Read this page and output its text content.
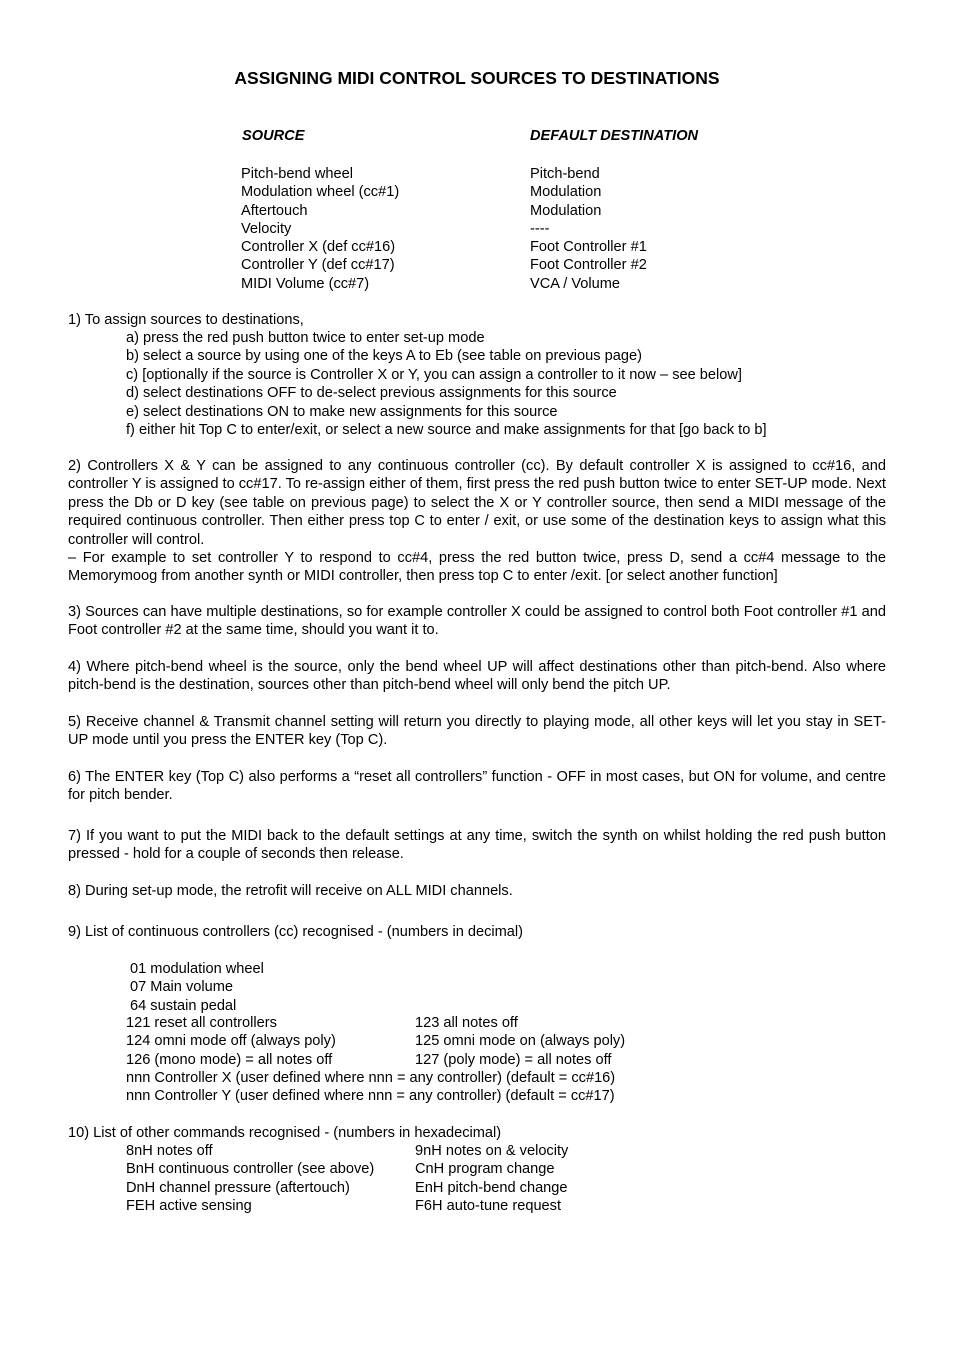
ASSIGNING MIDI CONTROL SOURCES TO DESTINATIONS
SOURCE	DEFAULT DESTINATION
Pitch-bend wheel
Modulation wheel (cc#1)
Aftertouch
Velocity
Controller X (def cc#16)
Controller Y (def cc#17)
MIDI Volume (cc#7)
Pitch-bend
Modulation
Modulation
----
Foot Controller #1
Foot Controller #2
VCA / Volume
1) To assign sources to destinations,
a) press the red push button twice to enter set-up mode
b) select a source by using one of the keys A to Eb (see table on previous page)
c) [optionally if the source is Controller X or Y, you can assign a controller to it now – see below]
d) select destinations OFF to de-select previous assignments for this source
e) select destinations ON to make new assignments for this source
f) either hit Top C to enter/exit, or select a new source and make assignments for that [go back to b]
2) Controllers X & Y can be assigned to any continuous controller (cc). By default controller X is assigned to cc#16, and controller Y is assigned to cc#17. To re-assign either of them, first press the red push button twice to enter SET-UP mode. Next press the Db or D key (see table on previous page) to select the X or Y controller source, then send a MIDI message of the required continuous controller. Then either press top C to enter / exit, or use some of the destination keys to assign what this controller will control.
– For example to set controller Y to respond to cc#4, press the red button twice, press D, send a cc#4 message to the Memorymoog from another synth or MIDI controller, then press top C to enter /exit. [or select another function]
3) Sources can have multiple destinations, so for example controller X could be assigned to control both Foot controller #1 and Foot controller #2 at the same time, should you want it to.
4) Where pitch-bend wheel is the source, only the bend wheel UP will affect destinations other than pitch-bend. Also where pitch-bend is the destination, sources other than pitch-bend wheel will only bend the pitch UP.
5) Receive channel & Transmit channel setting will return you directly to playing mode, all other keys will let you stay in SET-UP mode until you press the ENTER key (Top C).
6) The ENTER key (Top C) also performs a “reset all controllers” function - OFF in most cases, but ON for volume, and centre for pitch bender.
7) If you want to put the MIDI back to the default settings at any time, switch the synth on whilst holding the red push button pressed - hold for a couple of seconds then release.
8) During set-up mode, the retrofit will receive on ALL MIDI channels.
9) List of continuous controllers (cc) recognised - (numbers in decimal)
01 modulation wheel
07 Main volume
64 sustain pedal
121 reset all controllers
124 omni mode off (always poly)
126 (mono mode) = all notes off
123 all notes off
125 omni mode on (always poly)
127 (poly mode) = all notes off
nnn Controller X (user defined where nnn = any controller) (default = cc#16)
nnn Controller Y (user defined where nnn = any controller) (default = cc#17)
10) List of other commands recognised - (numbers in hexadecimal)
8nH notes off
BnH continuous controller (see above)
DnH channel pressure (aftertouch)
FEH active sensing
9nH notes on & velocity
CnH program change
EnH pitch-bend change
F6H auto-tune request
